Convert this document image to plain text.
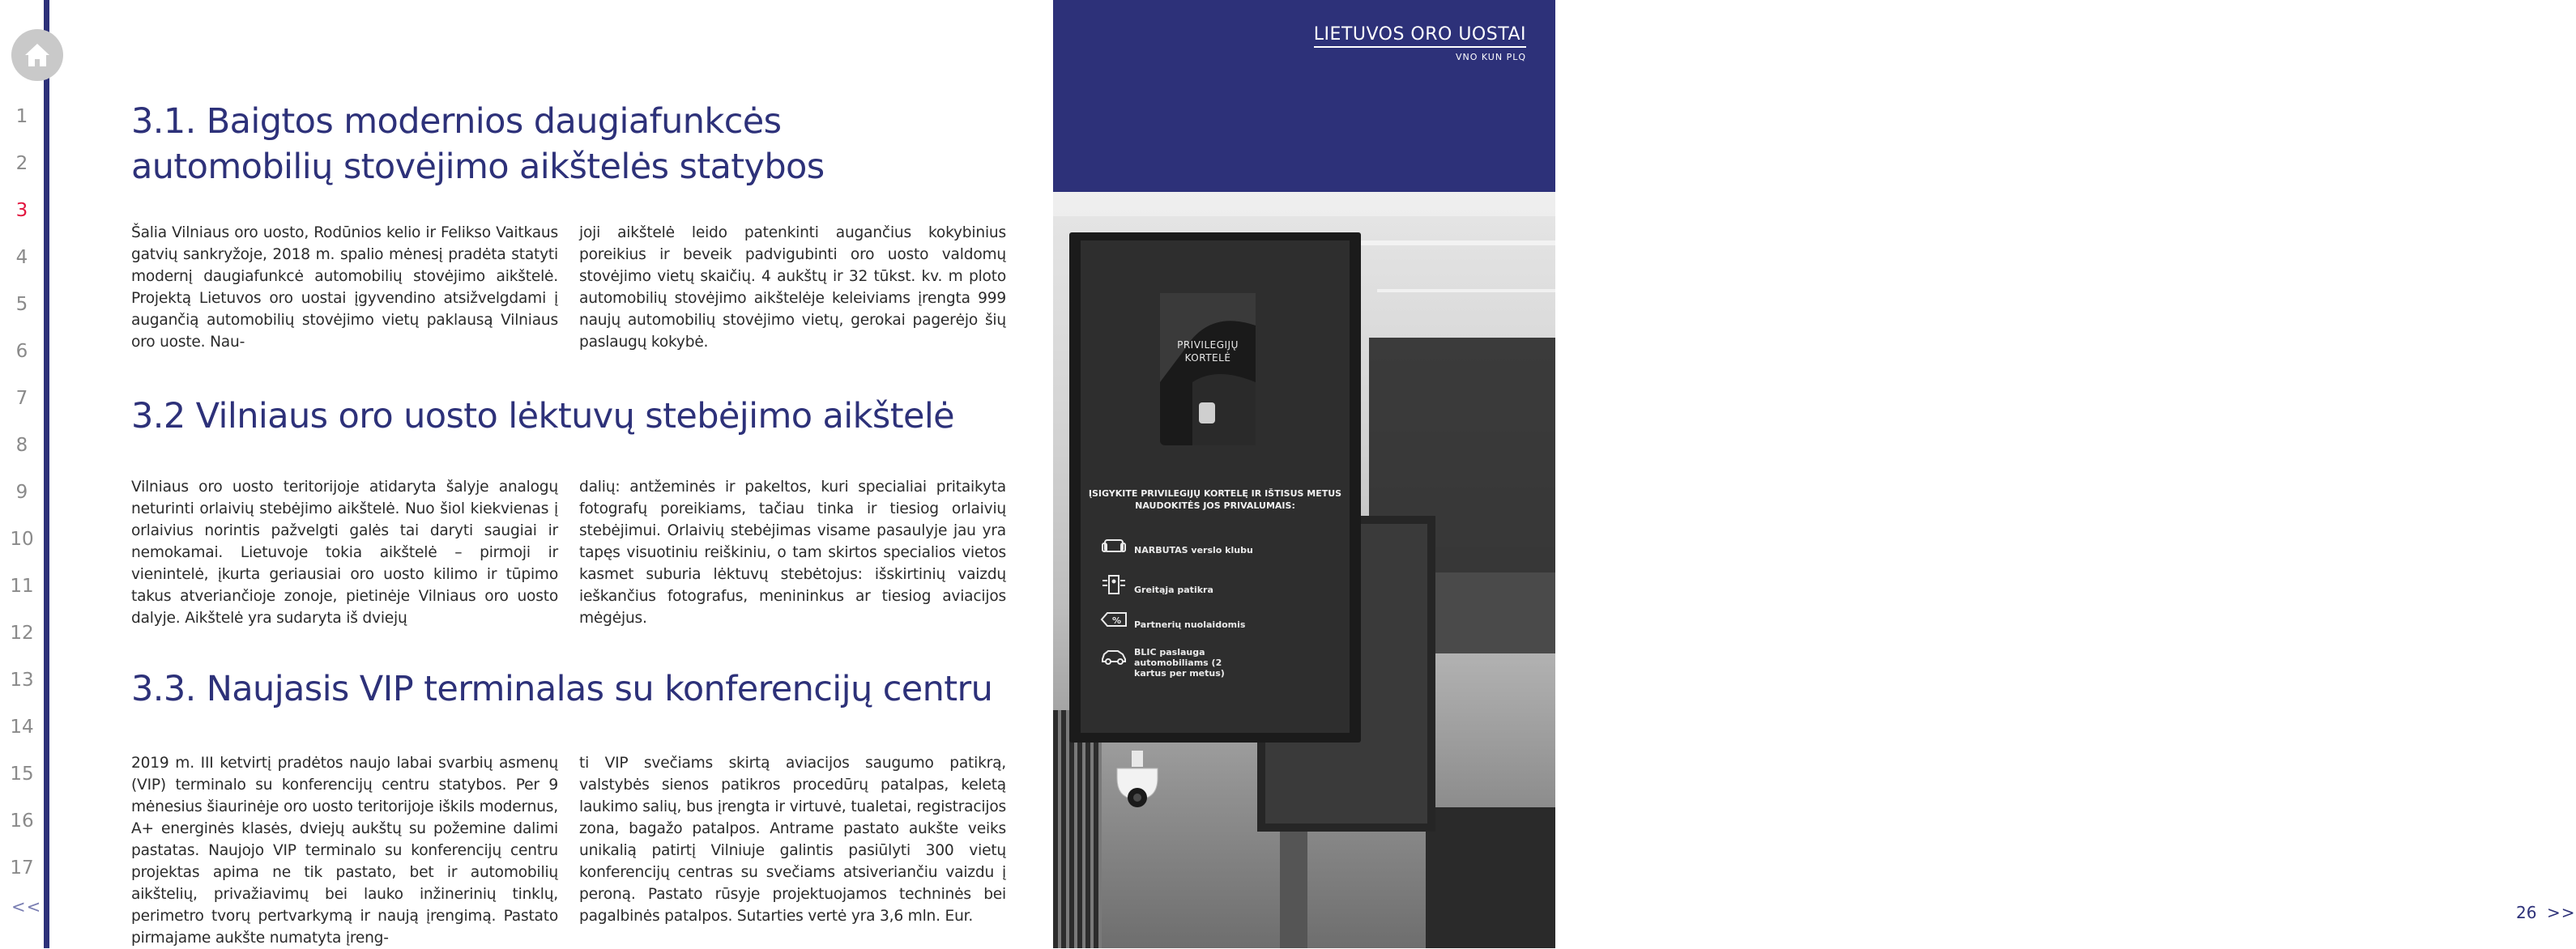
1
2
3
4
5
6
7
8
9
10
11
12
13
14
15
16
17
<<
3.1. Baigtos modernios daugiafunkcės
automobilių stovėjimo aikštelės statybos

Šalia Vilniaus oro uosto, Rodūnios kelio ir Felikso Vaitkaus gatvių sankryžoje, 2018 m. spalio mėnesį pradėta statyti modernį daugiafunkcė automobilių stovėjimo aikštelė. Projektą Lietuvos oro uostai įgyvendino atsižvelgdami į augančią automobilių stovėjimo vietų paklausą Vilniaus oro uoste. Nau-

joji aikštelė leido patenkinti augančius kokybinius poreikius ir beveik padvigubinti oro uosto valdomų stovėjimo vietų skaičių. 4 aukštų ir 32 tūkst. kv. m ploto automobilių stovėjimo aikštelėje keleiviams įrengta 999 naujų automobilių stovėjimo vietų, gerokai pagerėjo šių paslaugų kokybė.

3.2 Vilniaus oro uosto lėktuvų stebėjimo aikštelė

Vilniaus oro uosto teritorijoje atidaryta šalyje analogų neturinti orlaivių stebėjimo aikštelė. Nuo šiol kiekvienas į orlaivius norintis pažvelgti galės tai daryti saugiai ir nemokamai. Lietuvoje tokia aikštelė – pirmoji ir vienintelė, įkurta geriausiai oro uosto kilimo ir tūpimo takus atveriančioje zonoje, pietinėje Vilniaus oro uosto dalyje. Aikštelė yra sudaryta iš dviejų

dalių: antžeminės ir pakeltos, kuri specialiai pritaikyta fotografų poreikiams, tačiau tinka ir tiesiog orlaivių stebėjimui. Orlaivių stebėjimas visame pasaulyje jau yra tapęs visuotiniu reiškiniu, o tam skirtos specialios vietos kasmet suburia lėktuvų stebėtojus: išskirtinių vaizdų ieškančius fotografus, menininkus ar tiesiog aviacijos mėgėjus.

3.3. Naujasis VIP terminalas su konferencijų centru

2019 m. III ketvirtį pradėtos naujo labai svarbių asmenų (VIP) terminalo su konferencijų centru statybos. Per 9 mėnesius šiaurinėje oro uosto teritorijoje iškils modernus, A+ energinės klasės, dviejų aukštų su požemine dalimi pastatas. Naujojo VIP terminalo su konferencijų centru projektas apima ne tik pastato, bet ir automobilių aikštelių, privažiavimų bei lauko inžinerinių tinklų, perimetro tvorų pertvarkymą ir naują įrengimą. Pastato pirmajame aukšte numatyta įreng-

ti VIP svečiams skirtą aviacijos saugumo patikrą, valstybės sienos patikros procedūrų patalpas, keletą laukimo salių, bus įrengta ir virtuvė, tualetai, registracijos zona, bagažo patalpos. Antrame pastato aukšte veiks unikalią patirtį Vilniuje galintis pasiūlyti 300 vietų konferencijų centras su svečiams atsiveriančiu vaizdu į peroną. Pastato rūsyje projektuojamos techninės bei pagalbinės patalpos. Sutarties vertė yra 3,6 mln. Eur.

LIETUVOS ORO UOSTAI
VNO KUN PLQ
PRIVILEGIJŲ KORTELĖ
ĮSIGYKITE PRIVILEGIJŲ KORTELĘ IR IŠTISUS METUS NAUDOKITĖS JOS PRIVALUMAIS:
NARBUTAS verslo klubu
Greitąja patikra
% Partnerių nuolaidomis
BLIC paslauga automobiliams (2 kartus per metus)
26 >>
